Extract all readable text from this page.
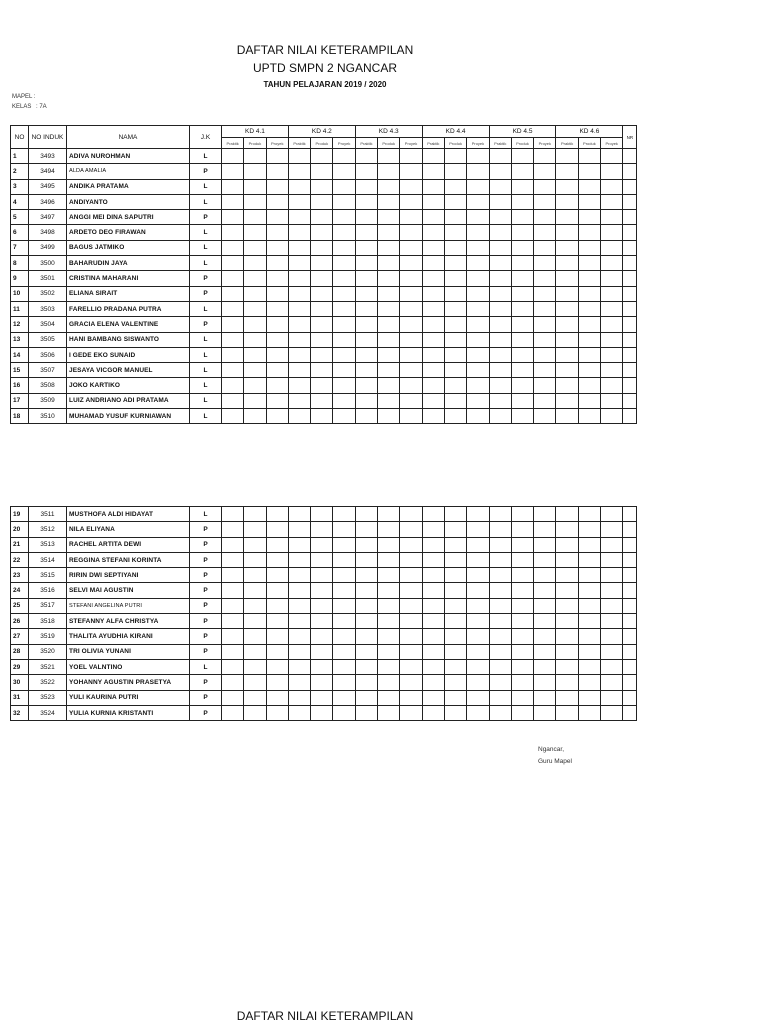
DAFTAR NILAI KETERAMPILAN
UPTD SMPN 2 NGANCAR
TAHUN PELAJARAN 2019 / 2020
MAPEL :
KELAS : 7A
NO	NO INDUK	NAMA	J.K	KD 4.1			KD 4.2			KD 4.3			KD 4.4			KD 4.5			KD 4.6			NR
				Praktik	Produk	Proyek	Praktik	Produk	Proyek	Praktik	Produk	Proyek	Praktik	Produk	Proyek	Praktik	Produk	Proyek	Praktik	Produk	Proyek	
1	3493	ADIVA NUROHMAN	L																			
2	3494	ALDA AMALIA	P																			
3	3495	ANDIKA PRATAMA	L																			
4	3496	ANDIYANTO	L																			
5	3497	ANGGI MEI DINA SAPUTRI	P																			
6	3498	ARDETO DEO FIRAWAN	L																			
7	3499	BAGUS JATMIKO	L																			
8	3500	BAHARUDIN JAYA	L																			
9	3501	CRISTINA MAHARANI	P																			
10	3502	ELIANA SIRAIT	P																			
11	3503	FARELLIO PRADANA PUTRA	L																			
12	3504	GRACIA ELENA VALENTINE	P																			
13	3505	HANI BAMBANG SISWANTO	L																			
14	3506	I GEDE EKO SUNAID	L																			
15	3507	JESAYA VICGOR MANUEL	L																			
16	3508	JOKO KARTIKO	L																			
17	3509	LUIZ ANDRIANO ADI PRATAMA	L																			
18	3510	MUHAMAD YUSUF KURNIAWAN	L																			
19	3511	MUSTHOFA ALDI HIDAYAT	L																			
20	3512	NILA ELIYANA	P																			
21	3513	RACHEL ARTITA DEWI	P																			
22	3514	REGGINA STEFANI KORINTA	P																			
23	3515	RIRIN DWI SEPTIYANI	P																			
24	3516	SELVI MAI AGUSTIN	P																			
25	3517	STEFANI ANGELINA PUTRI	P																			
26	3518	STEFANNY ALFA CHRISTYA	P																			
27	3519	THALITA AYUDHIA KIRANI	P																			
28	3520	TRI OLIVIA YUNANI	P																			
29	3521	YOEL VALNTINO	L																			
30	3522	YOHANNY AGUSTIN PRASETYA	P																			
31	3523	YULI KAURINA PUTRI	P																			
32	3524	YULIA KURNIA KRISTANTI	P																			
Ngancar,
Guru Mapel
DAFTAR NILAI KETERAMPILAN
